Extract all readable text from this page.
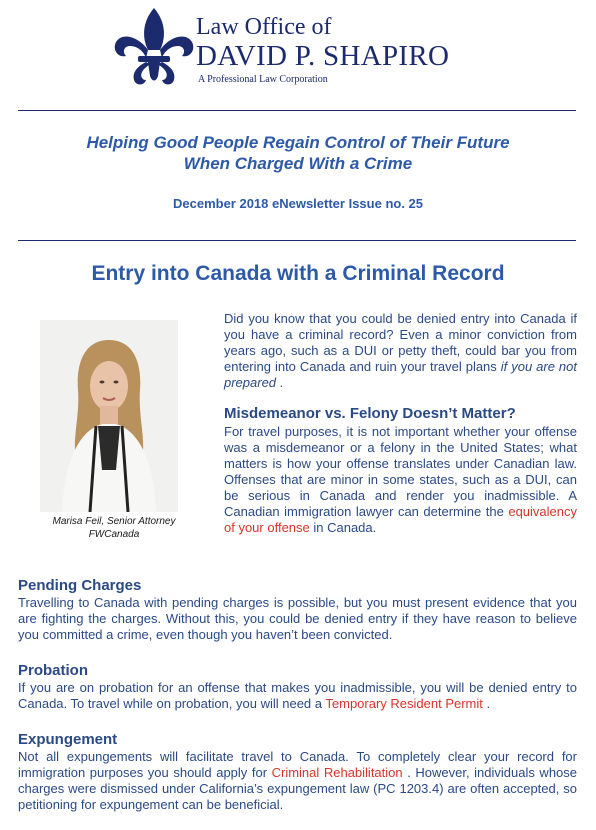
Law Office of
DAVID P. SHAPIRO
A Professional Law Corporation
Helping Good People Regain Control of Their Future
When Charged With a Crime
December 2018 eNewsletter Issue no. 25
Entry into Canada with a Criminal Record
Marisa Feil, Senior Attorney
FWCanada

Did you know that you could be denied entry into Canada if you have a criminal record? Even a minor conviction from years ago, such as a DUI or petty theft, could bar you from entering into Canada and ruin your travel plans if you are not prepared .

Misdemeanor vs. Felony Doesn’t Matter?

For travel purposes, it is not important whether your offense was a misdemeanor or a felony in the United States; what matters is how your offense translates under Canadian law. Offenses that are minor in some states, such as a DUI, can be serious in Canada and render you inadmissible. A Canadian immigration lawyer can determine the equivalency of your offense in Canada.

Pending Charges

Travelling to Canada with pending charges is possible, but you must present evidence that you are fighting the charges. Without this, you could be denied entry if they have reason to believe you committed a crime, even though you haven’t been convicted.

Probation

If you are on probation for an offense that makes you inadmissible, you will be denied entry to Canada. To travel while on probation, you will need a Temporary Resident Permit .

Expungement

Not all expungements will facilitate travel to Canada. To completely clear your record for immigration purposes you should apply for Criminal Rehabilitation . However, individuals whose charges were dismissed under California’s expungement law (PC 1203.4) are often accepted, so petitioning for expungement can be beneficial.
